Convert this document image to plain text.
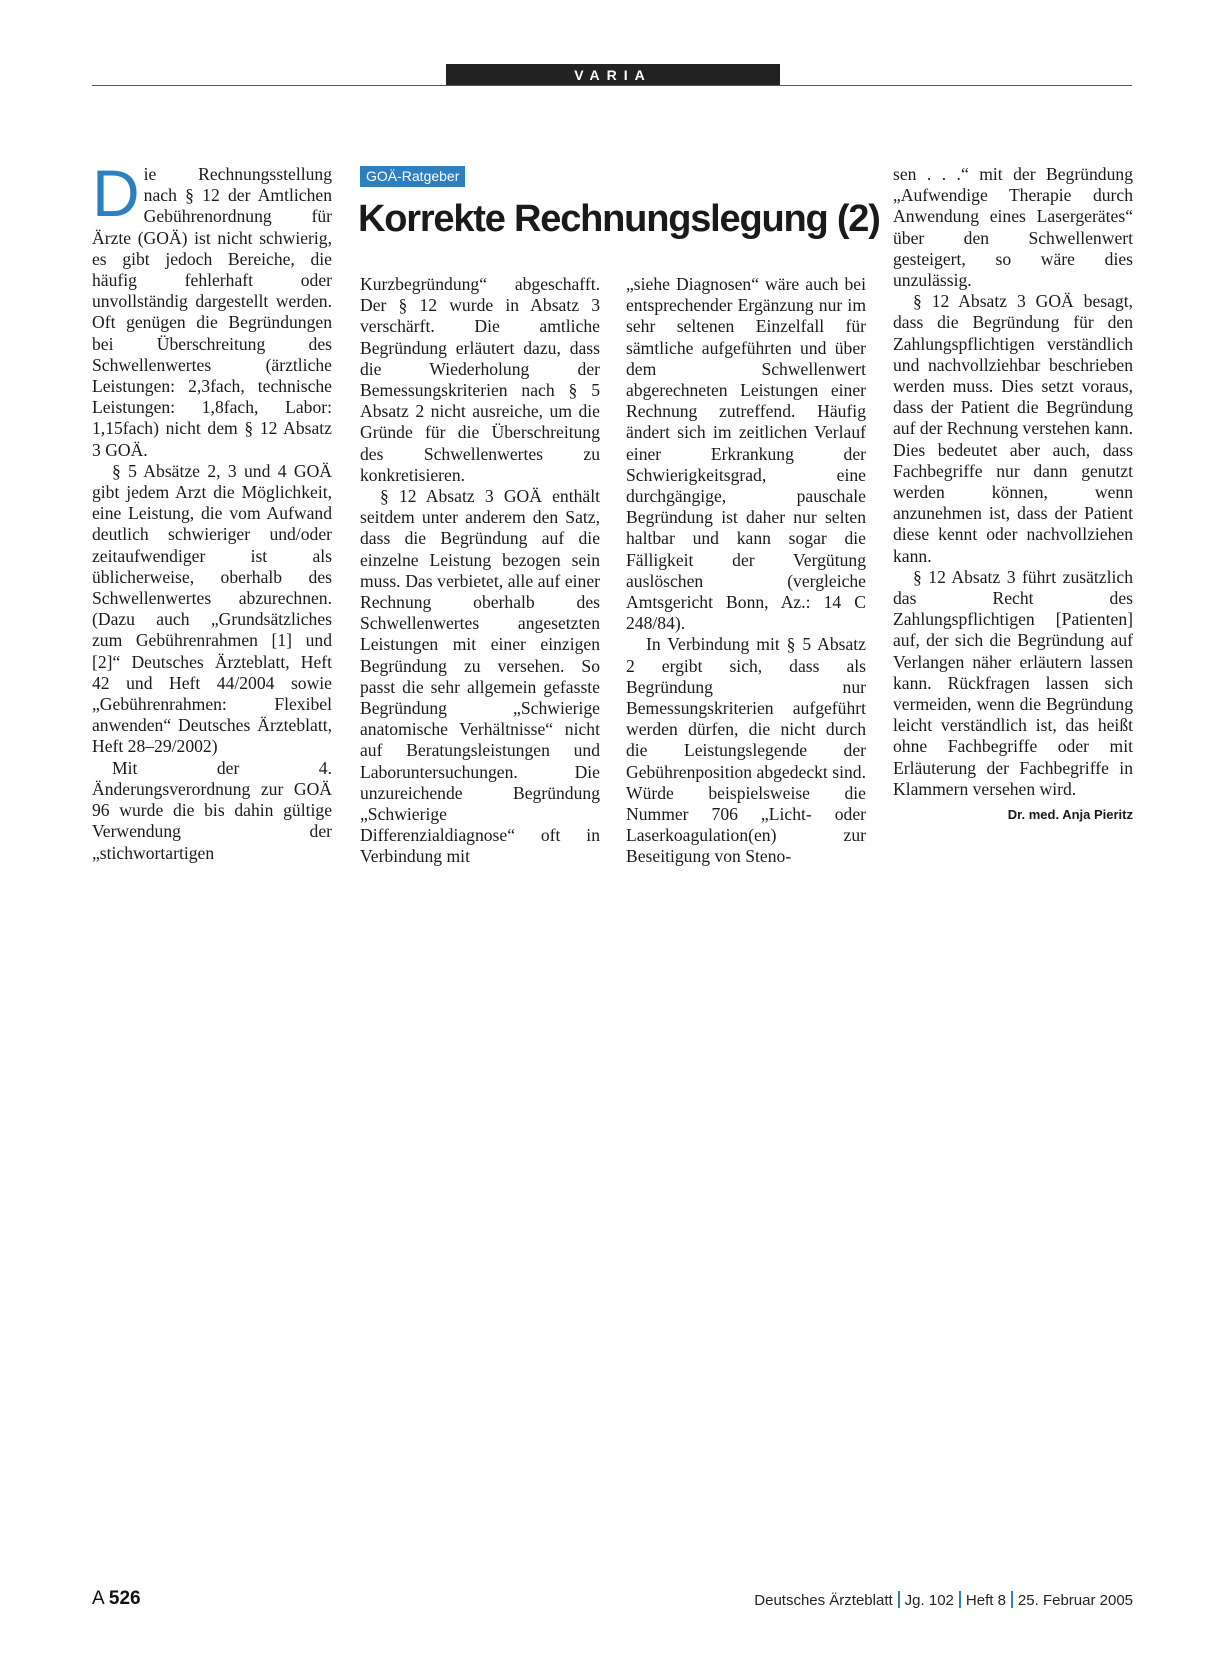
VARIA

Die Rechnungsstellung nach § 12 der Amtlichen Gebührenordnung für Ärzte (GOÄ) ist nicht schwierig, es gibt jedoch Bereiche, die häufig fehlerhaft oder unvollständig dargestellt werden. Oft genügen die Begründungen bei Überschreitung des Schwellenwertes (ärztliche Leistungen: 2,3fach, technische Leistungen: 1,8fach, Labor: 1,15fach) nicht dem § 12 Absatz 3 GOÄ.

§ 5 Absätze 2, 3 und 4 GOÄ gibt jedem Arzt die Möglichkeit, eine Leistung, die vom Aufwand deutlich schwieriger und/oder zeitaufwendiger ist als üblicherweise, oberhalb des Schwellenwertes abzurechnen. (Dazu auch „Grundsätzliches zum Gebührenrahmen [1] und [2]“ Deutsches Ärzteblatt, Heft 42 und Heft 44/2004 sowie „Gebührenrahmen: Flexibel anwenden“ Deutsches Ärzteblatt, Heft 28–29/2002)

Mit der 4. Änderungsverordnung zur GOÄ 96 wurde die bis dahin gültige Verwendung der „stichwortartigen

GOÄ-Ratgeber
Korrekte Rechnungslegung (2)

Kurzbegründung“ abgeschafft. Der § 12 wurde in Absatz 3 verschärft. Die amtliche Begründung erläutert dazu, dass die Wiederholung der Bemessungskriterien nach § 5 Absatz 2 nicht ausreiche, um die Gründe für die Überschreitung des Schwellenwertes zu konkretisieren.

§ 12 Absatz 3 GOÄ enthält seitdem unter anderem den Satz, dass die Begründung auf die einzelne Leistung bezogen sein muss. Das verbietet, alle auf einer Rechnung oberhalb des Schwellenwertes angesetzten Leistungen mit einer einzigen Begründung zu versehen. So passt die sehr allgemein gefasste Begründung „Schwierige anatomische Verhältnisse“ nicht auf Beratungsleistungen und Laboruntersuchungen. Die unzureichende Begründung „Schwierige Differenzialdiagnose“ oft in Verbindung mit

„siehe Diagnosen“ wäre auch bei entsprechender Ergänzung nur im sehr seltenen Einzelfall für sämtliche aufgeführten und über dem Schwellenwert abgerechneten Leistungen einer Rechnung zutreffend. Häufig ändert sich im zeitlichen Verlauf einer Erkrankung der Schwierigkeitsgrad, eine durchgängige, pauschale Begründung ist daher nur selten haltbar und kann sogar die Fälligkeit der Vergütung auslöschen (vergleiche Amtsgericht Bonn, Az.: 14 C 248/84).

In Verbindung mit § 5 Absatz 2 ergibt sich, dass als Begründung nur Bemessungskriterien aufgeführt werden dürfen, die nicht durch die Leistungslegende der Gebührenposition abgedeckt sind. Würde beispielsweise die Nummer 706 „Licht- oder Laserkoagulation(en) zur Beseitigung von Steno-

sen . . .“ mit der Begründung „Aufwendige Therapie durch Anwendung eines Lasergerätes“ über den Schwellenwert gesteigert, so wäre dies unzulässig.

§ 12 Absatz 3 GOÄ besagt, dass die Begründung für den Zahlungspflichtigen verständlich und nachvollziehbar beschrieben werden muss. Dies setzt voraus, dass der Patient die Begründung auf der Rechnung verstehen kann. Dies bedeutet aber auch, dass Fachbegriffe nur dann genutzt werden können, wenn anzunehmen ist, dass der Patient diese kennt oder nachvollziehen kann.

§ 12 Absatz 3 führt zusätzlich das Recht des Zahlungspflichtigen [Patienten] auf, der sich die Begründung auf Verlangen näher erläutern lassen kann. Rückfragen lassen sich vermeiden, wenn die Begründung leicht verständlich ist, das heißt ohne Fachbegriffe oder mit Erläuterung der Fachbegriffe in Klammern versehen wird.

Dr. med. Anja Pieritz
A 526	Deutsches Ärzteblatt Jg. 102 Heft 8 25. Februar 2005
